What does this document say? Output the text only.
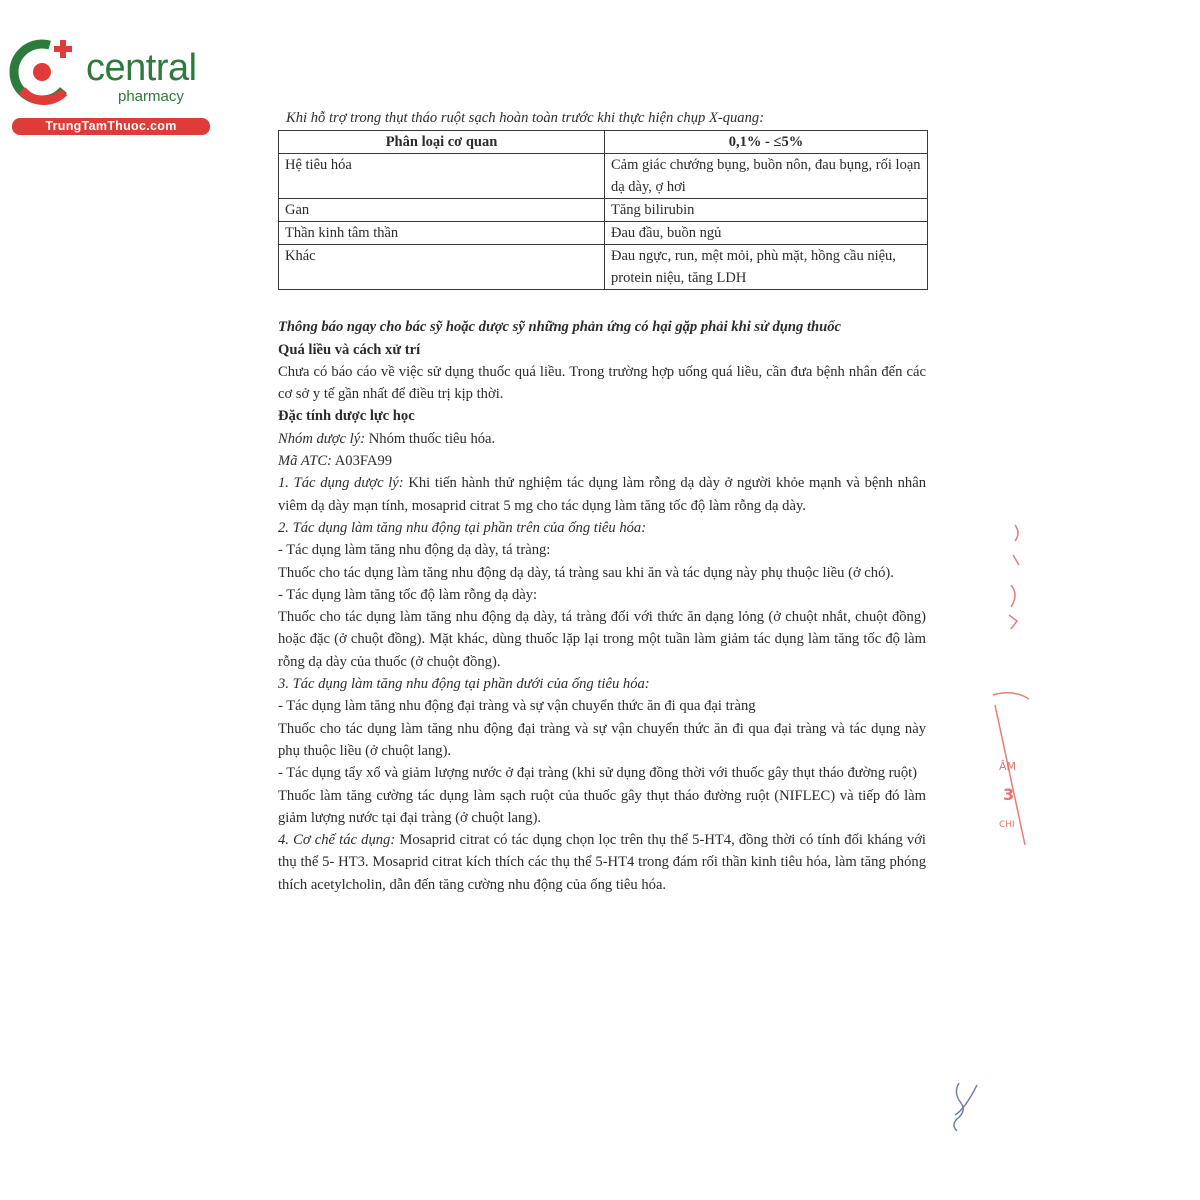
central
pharmacy
TrungTamThuoc.com	Khi hỗ trợ trong thụt tháo ruột sạch hoàn toàn trước khi thực hiện chụp X-quang:
Phân loại cơ quan	0,1% - ≤5%
Hệ tiêu hóa	Cảm giác chướng bụng, buồn nôn, đau bụng, rối loạn dạ dày, ợ hơi
Gan	Tăng bilirubin
Thần kinh tâm thần	Đau đầu, buồn ngủ
Khác	Đau ngực, run, mệt mỏi, phù mặt, hồng cầu niệu, protein niệu, tăng LDH

Thông báo ngay cho bác sỹ hoặc dược sỹ những phản ứng có hại gặp phải khi sử dụng thuốc

Quá liều và cách xử trí

Chưa có báo cáo về việc sử dụng thuốc quá liều. Trong trường hợp uống quá liều, cần đưa bệnh nhân đến các cơ sở y tế gần nhất để điều trị kịp thời.

Đặc tính dược lực học

Nhóm dược lý: Nhóm thuốc tiêu hóa.

Mã ATC: A03FA99

1. Tác dụng dược lý: Khi tiến hành thử nghiệm tác dụng làm rỗng dạ dày ở người khỏe mạnh và bệnh nhân viêm dạ dày mạn tính, mosaprid citrat 5 mg cho tác dụng làm tăng tốc độ làm rỗng dạ dày.

2. Tác dụng làm tăng nhu động tại phần trên của ống tiêu hóa:

- Tác dụng làm tăng nhu động dạ dày, tá tràng:

Thuốc cho tác dụng làm tăng nhu động dạ dày, tá tràng sau khi ăn và tác dụng này phụ thuộc liều (ở chó).

- Tác dụng làm tăng tốc độ làm rỗng dạ dày:

Thuốc cho tác dụng làm tăng nhu động dạ dày, tá tràng đối với thức ăn dạng lỏng (ở chuột nhắt, chuột đồng) hoặc đặc (ở chuột đồng). Mặt khác, dùng thuốc lặp lại trong một tuần làm giảm tác dụng làm tăng tốc độ làm rỗng dạ dày của thuốc (ở chuột đồng).

3. Tác dụng làm tăng nhu động tại phần dưới của ống tiêu hóa:

- Tác dụng làm tăng nhu động đại tràng và sự vận chuyển thức ăn đi qua đại tràng

Thuốc cho tác dụng làm tăng nhu động đại tràng và sự vận chuyển thức ăn đi qua đại tràng và tác dụng này phụ thuộc liều (ở chuột lang).

- Tác dụng tẩy xổ và giảm lượng nước ở đại tràng (khi sử dụng đồng thời với thuốc gây thụt tháo đường ruột)

Thuốc làm tăng cường tác dụng làm sạch ruột của thuốc gây thụt tháo đường ruột (NIFLEC) và tiếp đó làm giảm lượng nước tại đại tràng (ở chuột lang).

4. Cơ chế tác dụng: Mosaprid citrat có tác dụng chọn lọc trên thụ thể 5-HT4, đồng thời có tính đối kháng với thụ thể 5- HT3. Mosaprid citrat kích thích các thụ thể 5-HT4 trong đám rối thần kinh tiêu hóa, làm tăng phóng thích acetylcholin, dẫn đến tăng cường nhu động của ống tiêu hóa.

ÂM
3
CHI
